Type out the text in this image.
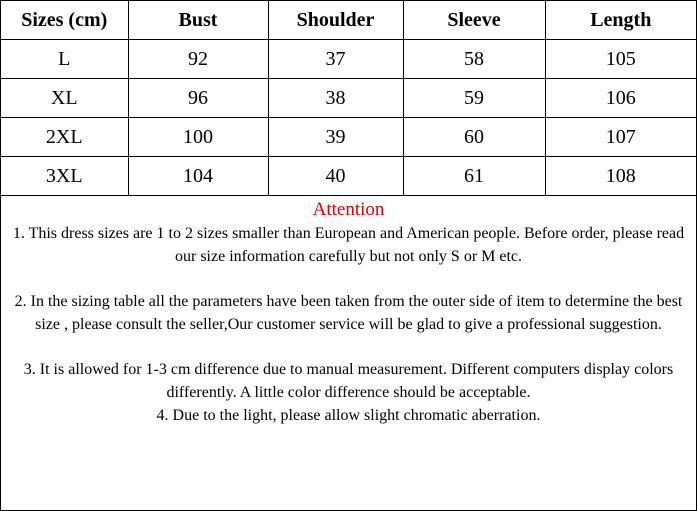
Sizes (cm)	Bust	Shoulder	Sleeve	Length
L	92	37	58	105
XL	96	38	59	106
2XL	100	39	60	107
3XL	104	40	61	108
Attention

1. This dress sizes are 1 to 2 sizes smaller than European and American people. Before order, please read our size information carefully but not only S or M etc.

2. In the sizing table all the parameters have been taken from the outer side of item to determine the best size , please consult the seller,Our customer service will be glad to give a professional suggestion.

3. It is allowed for 1-3 cm difference due to manual measurement. Different computers display colors differently. A little color difference should be acceptable.

4. Due to the light, please allow slight chromatic aberration.
